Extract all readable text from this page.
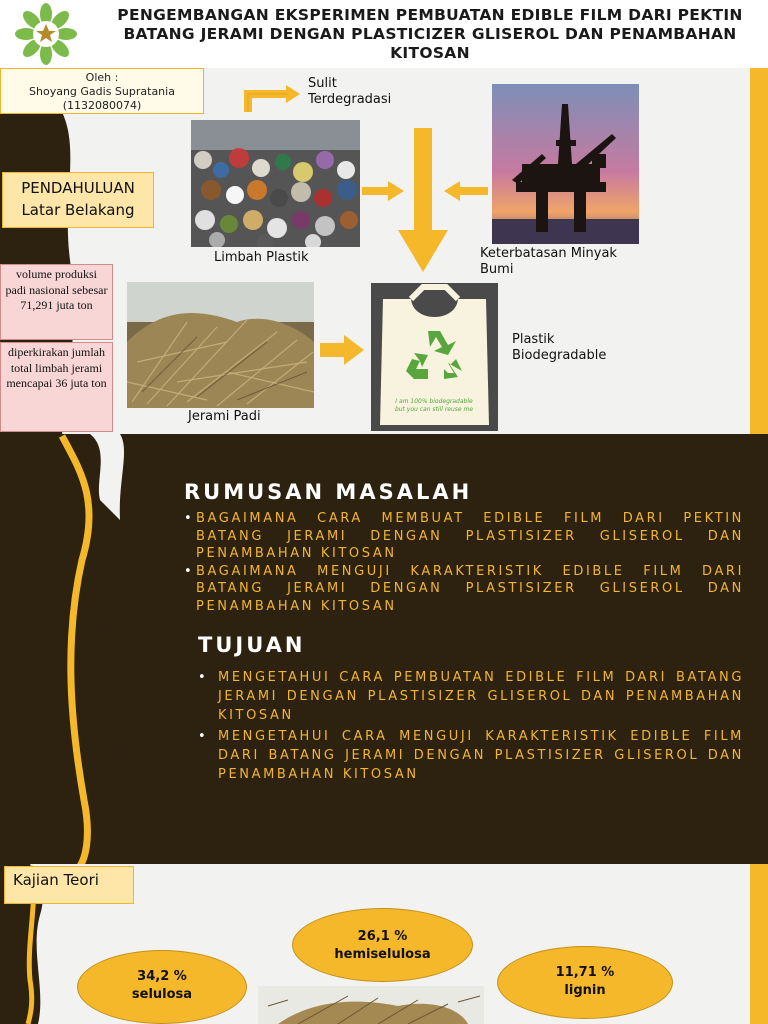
PENGEMBANGAN EKSPERIMEN PEMBUATAN EDIBLE FILM DARI PEKTIN BATANG JERAMI DENGAN PLASTICIZER GLISEROL DAN PENAMBAHAN KITOSAN
Oleh :
Shoyang Gadis Supratania
(1132080074)
PENDAHULUAN
Latar Belakang
volume produksi padi nasional sebesar 71,291 juta ton
diperkirakan jumlah total limbah jerami mencapai 36 juta ton
Sulit
Terdegradasi
Limbah Plastik	Keterbatasan Minyak
Bumi
Jerami Padi
I am 100% biodegradable
but you can still reuse me
Plastik
Biodegradable
RUMUSAN MASALAH
• BAGAIMANA CARA MEMBUAT EDIBLE FILM DARI PEKTIN BATANG JERAMI DENGAN PLASTISIZER GLISEROL DAN PENAMBAHAN KITOSAN
• BAGAIMANA MENGUJI KARAKTERISTIK EDIBLE FILM DARI BATANG JERAMI DENGAN PLASTISIZER GLISEROL DAN PENAMBAHAN KITOSAN
TUJUAN
• MENGETAHUI CARA PEMBUATAN EDIBLE FILM DARI BATANG JERAMI DENGAN PLASTISIZER GLISEROL DAN PENAMBAHAN KITOSAN
• MENGETAHUI CARA MENGUJI KARAKTERISTIK EDIBLE FILM DARI BATANG JERAMI DENGAN PLASTISIZER GLISEROL DAN PENAMBAHAN KITOSAN
Kajian Teori
34,2 %
selulosa
26,1 %
hemiselulosa
11,71 %
lignin
